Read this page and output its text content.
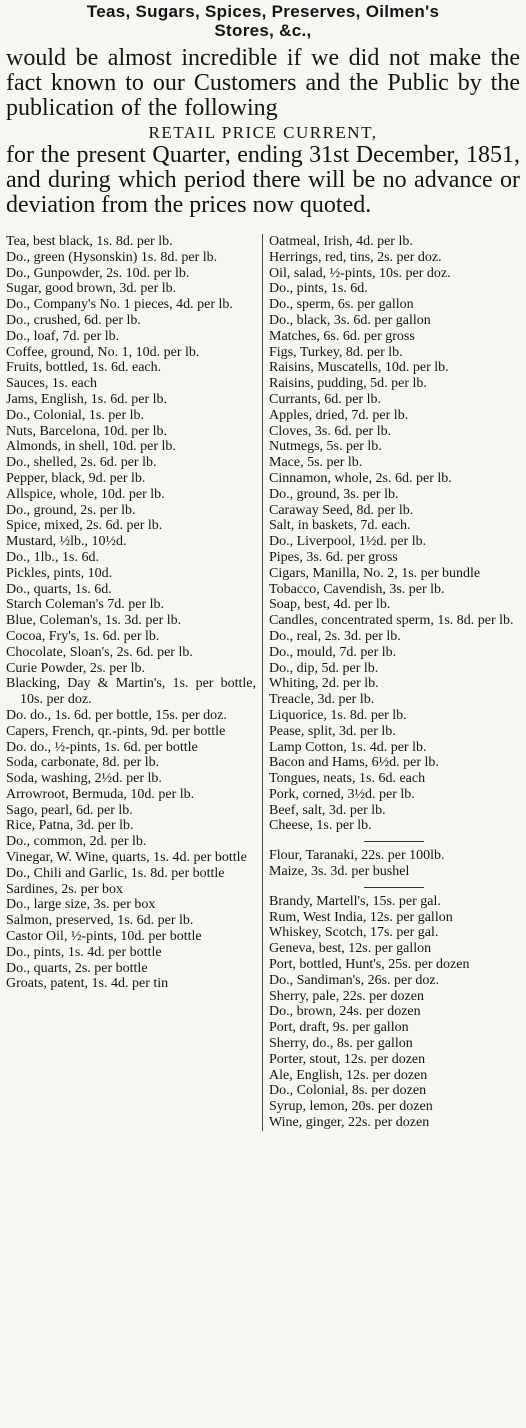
Teas, Sugars, Spices, Preserves, Oilmen's
Stores, &c.,
would be almost incredible if we did not make the fact known to our Customers and the Public by the publication of the following
RETAIL PRICE CURRENT,
for the present Quarter, ending 31st December, 1851, and during which period there will be no advance or deviation from the prices now quoted.
Tea, best black, 1s. 8d. per lb.
Do., green (Hysonskin) 1s. 8d. per lb.
Do., Gunpowder, 2s. 10d. per lb.
Sugar, good brown, 3d. per lb.
Do., Company's No. 1 pieces, 4d. per lb.
Do., crushed, 6d. per lb.
Do., loaf, 7d. per lb.
Coffee, ground, No. 1, 10d. per lb.
Fruits, bottled, 1s. 6d. each.
Sauces, 1s. each
Jams, English, 1s. 6d. per lb.
Do., Colonial, 1s. per lb.
Nuts, Barcelona, 10d. per lb.
Almonds, in shell, 10d. per lb.
Do., shelled, 2s. 6d. per lb.
Pepper, black, 9d. per lb.
Allspice, whole, 10d. per lb.
Do., ground, 2s. per lb.
Spice, mixed, 2s. 6d. per lb.
Mustard, ½lb., 10½d.
Do., 1lb., 1s. 6d.
Pickles, pints, 10d.
Do., quarts, 1s. 6d.
Starch Coleman's 7d. per lb.
Blue, Coleman's, 1s. 3d. per lb.
Cocoa, Fry's, 1s. 6d. per lb.
Chocolate, Sloan's, 2s. 6d. per lb.
Curie Powder, 2s. per lb.
Blacking, Day & Martin's, 1s. per bottle, 10s. per doz.
Do. do., 1s. 6d. per bottle, 15s. per doz.
Capers, French, qr.-pints, 9d. per bottle
Do. do., ½-pints, 1s. 6d. per bottle
Soda, carbonate, 8d. per lb.
Soda, washing, 2½d. per lb.
Arrowroot, Bermuda, 10d. per lb.
Sago, pearl, 6d. per lb.
Rice, Patna, 3d. per lb.
Do., common, 2d. per lb.
Vinegar, W. Wine, quarts, 1s. 4d. per bottle
Do., Chili and Garlic, 1s. 8d. per bottle
Sardines, 2s. per box
Do., large size, 3s. per box
Salmon, preserved, 1s. 6d. per lb.
Castor Oil, ½-pints, 10d. per bottle
Do., pints, 1s. 4d. per bottle
Do., quarts, 2s. per bottle
Groats, patent, 1s. 4d. per tin
Oatmeal, Irish, 4d. per lb.
Herrings, red, tins, 2s. per doz.
Oil, salad, ½-pints, 10s. per doz.
Do., pints, 1s. 6d.
Do., sperm, 6s. per gallon
Do., black, 3s. 6d. per gallon
Matches, 6s. 6d. per gross
Figs, Turkey, 8d. per lb.
Raisins, Muscatells, 10d. per lb.
Raisins, pudding, 5d. per lb.
Currants, 6d. per lb.
Apples, dried, 7d. per lb.
Cloves, 3s. 6d. per lb.
Nutmegs, 5s. per lb.
Mace, 5s. per lb.
Cinnamon, whole, 2s. 6d. per lb.
Do., ground, 3s. per lb.
Caraway Seed, 8d. per lb.
Salt, in baskets, 7d. each.
Do., Liverpool, 1½d. per lb.
Pipes, 3s. 6d. per gross
Cigars, Manilla, No. 2, 1s. per bundle
Tobacco, Cavendish, 3s. per lb.
Soap, best, 4d. per lb.
Candles, concentrated sperm, 1s. 8d. per lb.
Do., real, 2s. 3d. per lb.
Do., mould, 7d. per lb.
Do., dip, 5d. per lb.
Whiting, 2d. per lb.
Treacle, 3d. per lb.
Liquorice, 1s. 8d. per lb.
Pease, split, 3d. per lb.
Lamp Cotton, 1s. 4d. per lb.
Bacon and Hams, 6½d. per lb.
Tongues, neats, 1s. 6d. each
Pork, corned, 3½d. per lb.
Beef, salt, 3d. per lb.
Cheese, 1s. per lb.
Flour, Taranaki, 22s. per 100lb.
Maize, 3s. 3d. per bushel
Brandy, Martell's, 15s. per gal.
Rum, West India, 12s. per gallon
Whiskey, Scotch, 17s. per gal.
Geneva, best, 12s. per gallon
Port, bottled, Hunt's, 25s. per dozen
Do., Sandiman's, 26s. per doz.
Sherry, pale, 22s. per dozen
Do., brown, 24s. per dozen
Port, draft, 9s. per gallon
Sherry, do., 8s. per gallon
Porter, stout, 12s. per dozen
Ale, English, 12s. per dozen
Do., Colonial, 8s. per dozen
Syrup, lemon, 20s. per dozen
Wine, ginger, 22s. per dozen
